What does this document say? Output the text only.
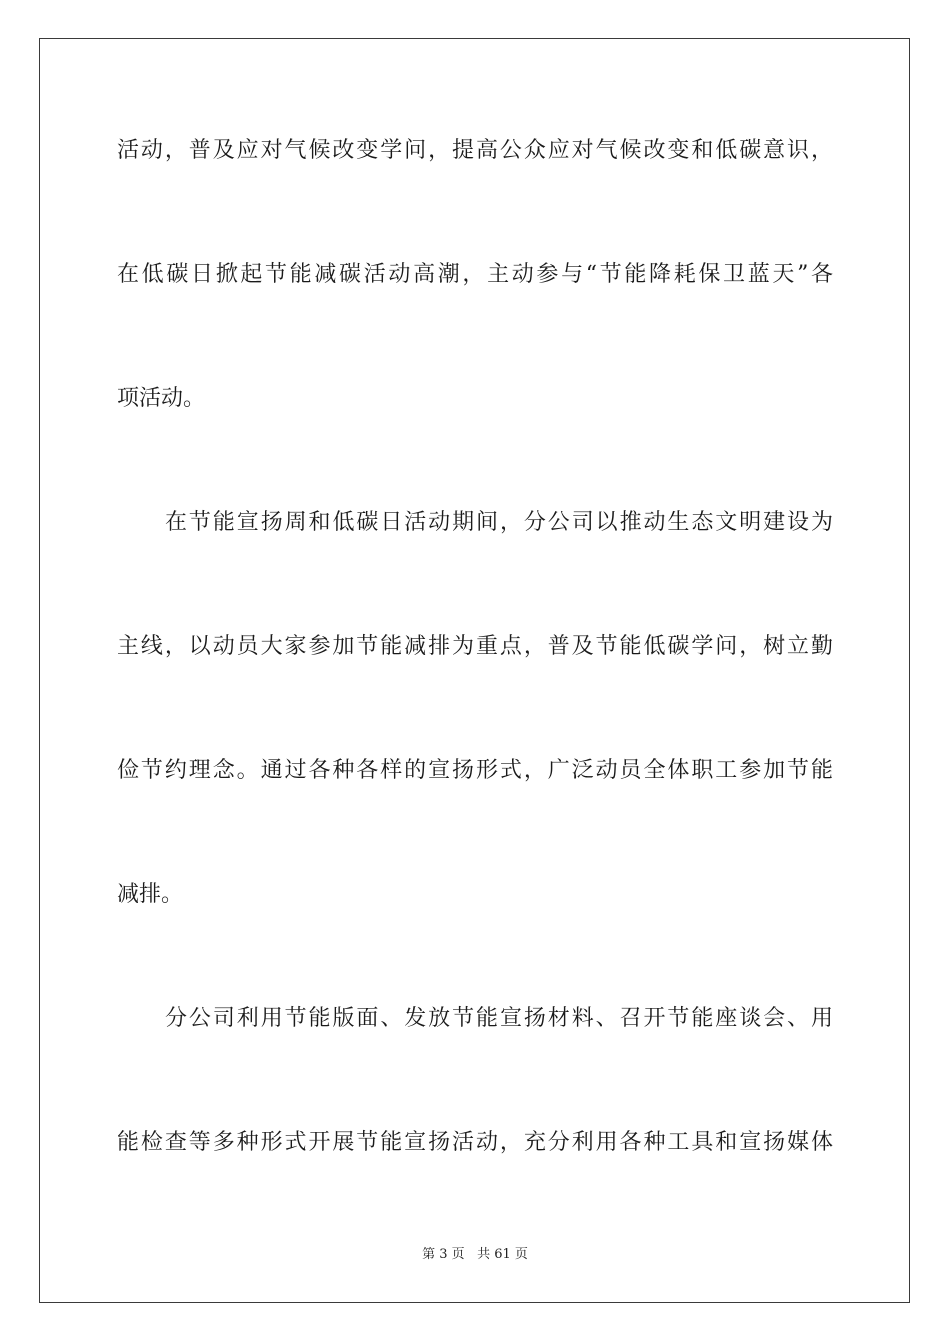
活动，普及应对气候改变学问，提高公众应对气候改变和低碳意识，
在低碳日掀起节能减碳活动高潮，主动参与“节能降耗保卫蓝天”各
项活动。
在节能宣扬周和低碳日活动期间，分公司以推动生态文明建设为
主线，以动员大家参加节能减排为重点，普及节能低碳学问，树立勤
俭节约理念。通过各种各样的宣扬形式，广泛动员全体职工参加节能
减排。
分公司利用节能版面、发放节能宣扬材料、召开节能座谈会、用
能检查等多种形式开展节能宣扬活动，充分利用各种工具和宣扬媒体
第 3 页 共 61 页
